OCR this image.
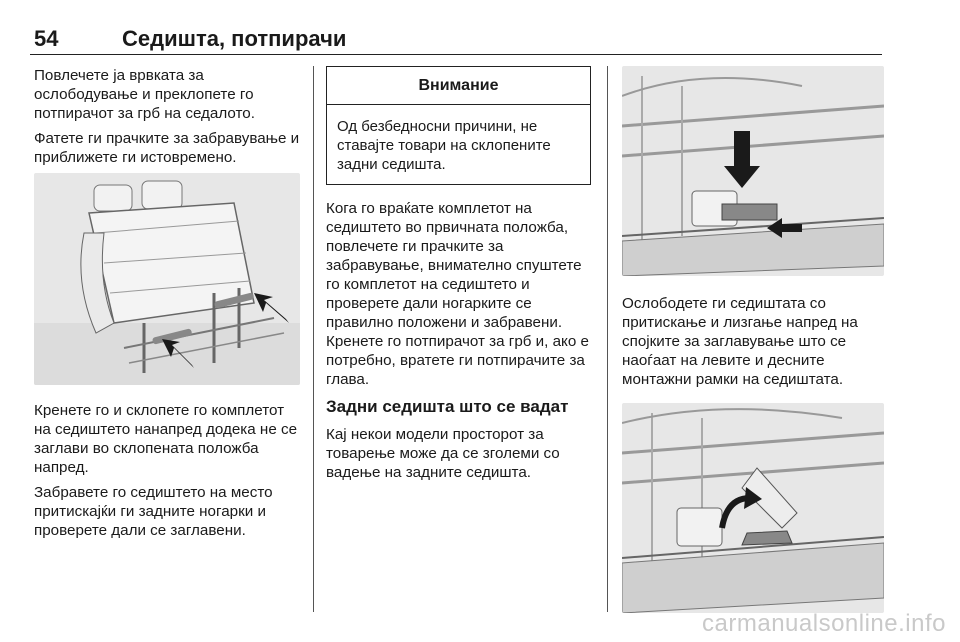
54	Седишта, потпирачи

Повлечете ја врвката за ослободување и преклопете го потпирачот за грб на седалото.

Фатете ги прачките за забравување и приближете ги истовремено.

Кренете го и склопете го комплетот на седиштето нанапред додека не се заглави во склопената положба напред.

Забравете го седиштето на место притискајќи ги задните ногарки и проверете дали се заглавени.

Внимание
Од безбедносни причини, не ставајте товари на склопените задни седишта.

Кога го враќате комплетот на седиштето во првичната положба, повлечете ги прачките за забравување, внимателно спуштете го комплетот на седиштето и проверете дали ногарките се правилно положени и забравени. Кренете го потпирачот за грб и, ако е потребно, вратете ги потпирачите за глава.

Задни седишта што се вадат

Кај некои модели просторот за товарење може да се зголеми со вадење на задните седишта.

Ослободете ги седиштата со притискање и лизгање напред на спојките за заглавување што се наоѓаат на левите и десните монтажни рамки на седиштата.

carmanualsonline.info
